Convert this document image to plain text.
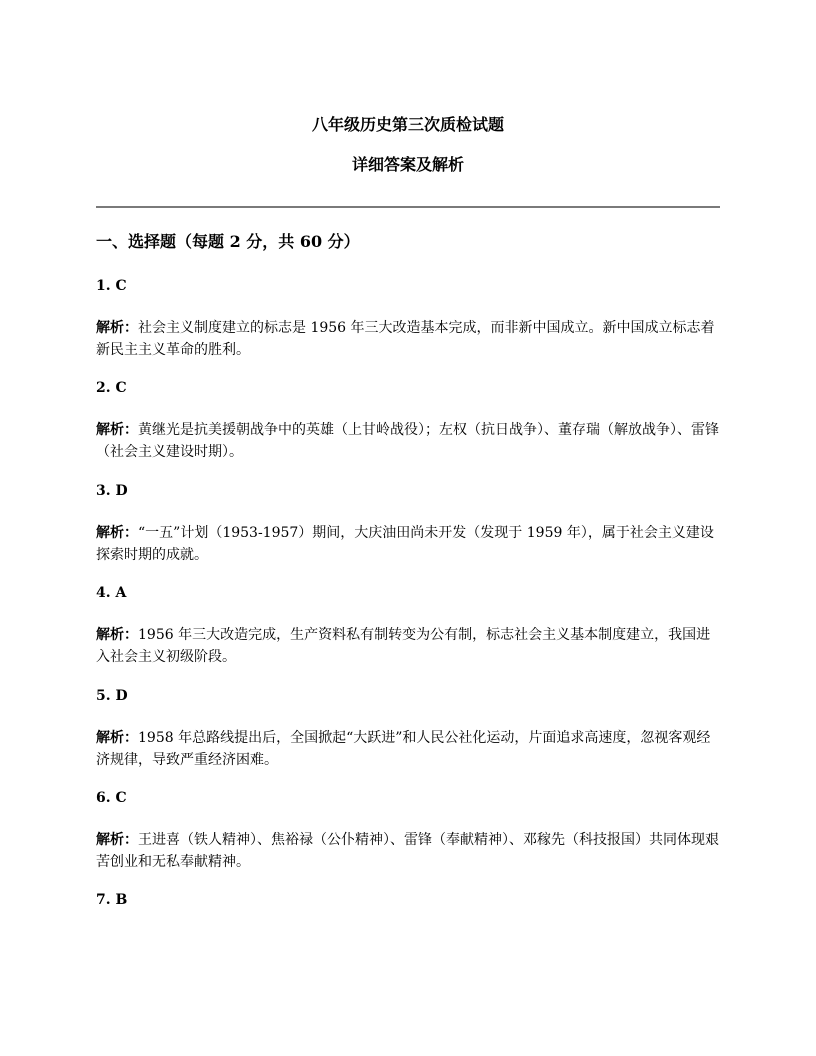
八年级历史第三次质检试题
详细答案及解析
一、选择题（每题 2 分，共 60 分）

1. C

解析：社会主义制度建立的标志是 1956 年三大改造基本完成，而非新中国成立。新中国成立标志着新民主主义革命的胜利。

2. C

解析：黄继光是抗美援朝战争中的英雄（上甘岭战役）；左权（抗日战争）、董存瑞（解放战争）、雷锋（社会主义建设时期）。

3. D

解析：“一五”计划（1953-1957）期间，大庆油田尚未开发（发现于 1959 年），属于社会主义建设探索时期的成就。

4. A

解析：1956 年三大改造完成，生产资料私有制转变为公有制，标志社会主义基本制度建立，我国进入社会主义初级阶段。

5. D

解析：1958 年总路线提出后，全国掀起“大跃进”和人民公社化运动，片面追求高速度，忽视客观经济规律，导致严重经济困难。

6. C

解析：王进喜（铁人精神）、焦裕禄（公仆精神）、雷锋（奉献精神）、邓稼先（科技报国）共同体现艰苦创业和无私奉献精神。

7. B
